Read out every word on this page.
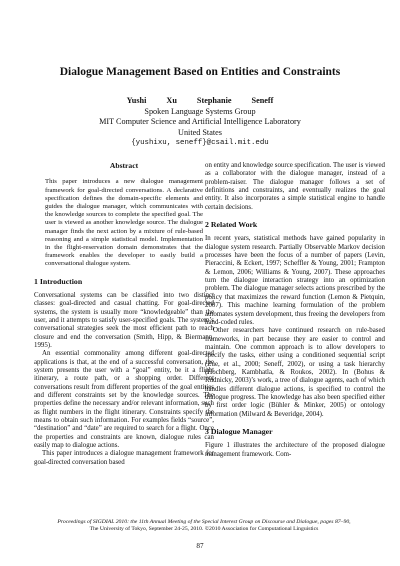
Dialogue Management Based on Entities and Constraints
Yushi Xu Stephanie Seneff
Spoken Language Systems Group
MIT Computer Science and Artificial Intelligence Laboratory
United States
{yushixu, seneff}@csail.mit.edu
Abstract

This paper introduces a new dialogue management framework for goal-directed conversations. A declarative specification defines the domain-specific elements and guides the dialogue manager, which communicates with the knowledge sources to complete the specified goal. The user is viewed as another knowledge source. The dialogue manager finds the next action by a mixture of rule-based reasoning and a simple statistical model. Implementation in the flight-reservation domain demonstrates that the framework enables the developer to easily build a conversational dialogue system.

1 Introduction

Conversational systems can be classified into two distinct classes: goal-directed and casual chatting. For goal-directed systems, the system is usually more “knowledgeable” than the user, and it attempts to satisfy user-specified goals. The system’s conversational strategies seek the most efficient path to reach closure and end the conversation (Smith, Hipp, & Biermann, 1995).

An essential commonality among different goal-directed applications is that, at the end of a successful conversation, the system presents the user with a “goal” entity, be it a flight itinerary, a route path, or a shopping order. Different conversations result from different properties of the goal entities and different constraints set by the knowledge sources. The properties define the necessary and/or relevant information, such as flight numbers in the flight itinerary. Constraints specify the means to obtain such information. For examples fields “source”, “destination” and “date” are required to search for a flight. Once the properties and constraints are known, dialogue rules can easily map to dialogue actions.

This paper introduces a dialogue management framework for goal-directed conversation based

on entity and knowledge source specification. The user is viewed as a collaborator with the dialogue manager, instead of a problem-raiser. The dialogue manager follows a set of definitions and constraints, and eventually realizes the goal entity. It also incorporates a simple statistical engine to handle certain decisions.

2 Related Work

In recent years, statistical methods have gained popularity in dialogue system research. Partially Observable Markov decision processes have been the focus of a number of papers (Levin, Pieraccini, & Eckert, 1997; Scheffler & Young, 2001; Frampton & Lemon, 2006; Williams & Young, 2007). These approaches turn the dialogue interaction strategy into an optimization problem. The dialogue manager selects actions prescribed by the policy that maximizes the reward function (Lemon & Pietquin, 2007). This machine learning formulation of the problem automates system development, thus freeing the developers from hand-coded rules.

Other researchers have continued research on rule-based frameworks, in part because they are easier to control and maintain. One common approach is to allow developers to specify the tasks, either using a conditioned sequential script (Zue, et al., 2000; Seneff, 2002), or using a task hierarchy (Hochberg, Kambhatla, & Roukos, 2002). In (Bohus & Rudnicky, 2003)’s work, a tree of dialogue agents, each of which handles different dialogue actions, is specified to control the dialogue progress. The knowledge has also been specified either by first order logic (Bühler & Minker, 2005) or ontology information (Milward & Beveridge, 2004).

3 Dialogue Manager

Figure 1 illustrates the architecture of the proposed dialogue management framework. Com-

Proceedings of SIGDIAL 2010: the 11th Annual Meeting of the Special Interest Group on Discourse and Dialogue, pages 87–90,
The University of Tokyo, September 24-25, 2010. ©2010 Association for Computational Linguistics
87
